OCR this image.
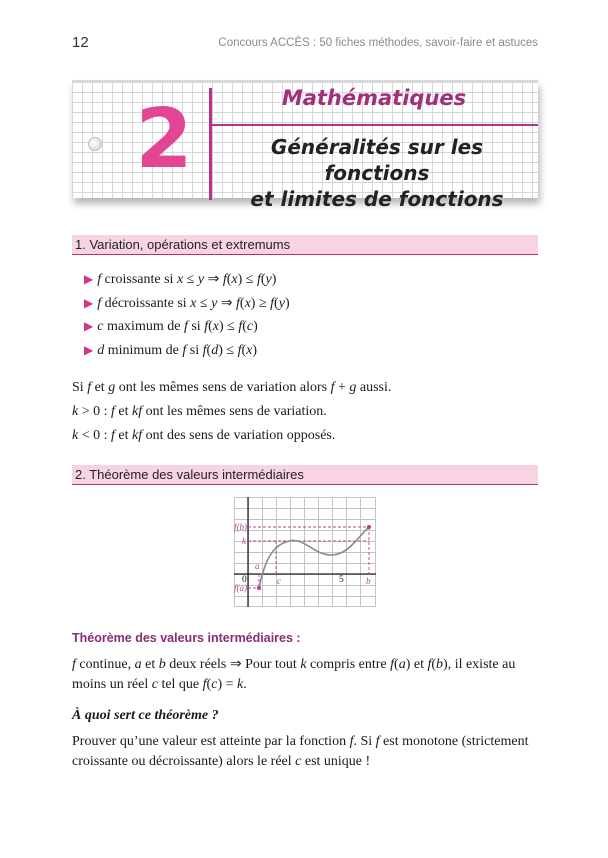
12	Concours ACCÈS : 50 fiches méthodes, savoir-faire et astuces
2	Mathématiques
Généralités sur les fonctions
et limites de fonctions
1. Variation, opérations et extremums
▶ f croissante si x ≤ y ⇒ f(x) ≤ f(y)
▶ f décroissante si x ≤ y ⇒ f(x) ≥ f(y)
▶ c maximum de f si f(x) ≤ f(c)
▶ d minimum de f si f(d) ≤ f(x)
Si f et g ont les mêmes sens de variation alors f + g aussi.
k > 0 : f et kf ont les mêmes sens de variation.
k < 0 : f et kf ont des sens de variation opposés.
2. Théorème des valeurs intermédiaires
f(b)
k
a
c	b
f(a)
0	5
Théorème des valeurs intermédiaires :
f continue, a et b deux réels ⇒ Pour tout k compris entre f(a) et f(b), il existe au moins un réel c tel que f(c) = k.
À quoi sert ce théorème ?
Prouver qu’une valeur est atteinte par la fonction f. Si f est monotone (strictement croissante ou décroissante) alors le réel c est unique !
